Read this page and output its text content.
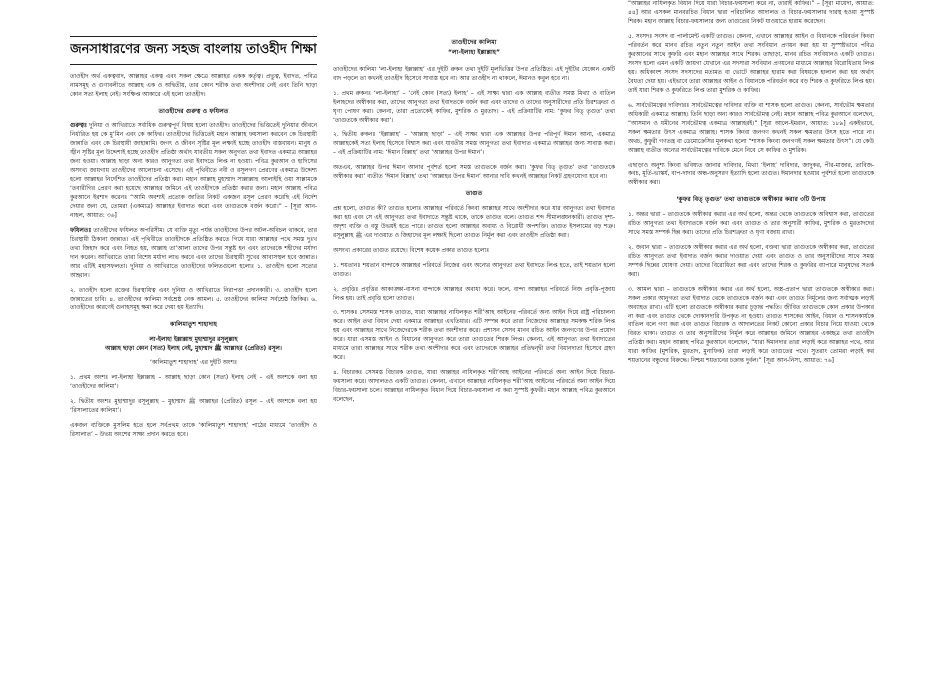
জনসাধারণের জন্য সহজ বাংলায় তাওহীদ শিক্ষা

তাওহীদ অর্থ একত্ববাদ, আল্লাহর একত্ব এবং সকল ক্ষেত্রে আল্লাহর একক কর্তৃত্ব। প্রভুত্ব, ইবাদত, পবিত্র নামসমূহ ও গুণাবলীতে আল্লাহ এক ও অদ্বিতীয়, তার কোন শরীক তথা অংশীদার নেই এবং তিনি ছাড়া কোন সত্য ইলাহ নেই। সংক্ষিপ্ত আকারে এই হলো তাওহীদ।

তাওহীদের গুরুত্ব ও ফযিলত

গুরুত্বঃ দুনিয়া ও আখিরাতে সর্বাধিক গুরুত্বপূর্ণ বিষয় হলো তাওহীদ। তাওহীদের ভিত্তিতেই দুনিয়ার জীবনে নির্ধারিত হয় কে মু’মিন এবং কে কাফির। তাওহীদের ভিত্তিতেই মহান আল্লাহ ফয়সালা করবেন কে চিরস্থায়ী জান্নাতি এবং কে চিরস্থায়ী জাহান্নামি। জগৎ ও জীবন সৃষ্টির মূল লক্ষ্যই হচ্ছে তাওহীদ বাস্তবায়ন। মানুষ ও জ্বীন সৃষ্টির মূল উদ্দেশ্যই হচ্ছে তাওহীদ প্রতিষ্ঠা অর্থাৎ যাবতীয় সকল অনুগত্য তথা ইবাদত একমাত্র আল্লাহর জন্য হওয়া। আল্লাহ ছাড়া অন্য কারও আনুগত্য তথা ইবাদতে লিপ্ত না হওয়া। পবিত্র কুরআন ও হাদিসের অসংখ্য জায়গায় তাওহীদের আলোচনা এসেছে। এই পৃথিবীতে নবী ও রসূলগণ প্রেরণের একমাত্র উদ্দেশ্য হলো আল্লাহর নির্দেশিত তাওহীদের প্রতিষ্ঠা করা। মহান আল্লাহ মুহাম্মাদ সাল্লাল্লাহু আলাইহি ওয়া সাল্লামকে ‘তবারীগির প্রেরণ করা হয়েছে আল্লাহর জমিনে এই তাওহীদকে প্রতিষ্ঠা করার জন্য। মহান আল্লাহ পবিত্র কুরআনে ইরশাদ করেনঃ “আমি অবশ্যই প্রত্যেক জাতির নিকট একজন রসূল প্রেরণ করেছি এই নির্দেশ দেয়ার জন্য যে, তোমরা (একমাত্র) আল্লাহর ইবাদাত করো এবং তাগুতকে বর্জন করো।” – [সূরা আন-নাহল, আয়াত: ৩৬]

ফযিলতঃ তাওহীদের ফযিলত অপরিসীম। যে ব্যক্তি মৃত্যু পর্যন্ত তাওহীদের উপর অটল-অবিচল থাকবে, তার চিরস্থায়ী ঠিকানা জান্নাত। এই পৃথিবীতে তাওহীদকে প্রতিষ্ঠিত করতে গিয়ে যারা আল্লাহর পথে সমস্ত দুঃখ তথা জিহাদ করে এবং নিহত হয়, আল্লাহ তা’আলা তাদের উপর সন্তুষ্ট হন এবং তাদেরকে শহীদের মর্যাদা দান করেন। আখিরাতে তারা বিশেষ মর্যাদা লাভ করবে এবং তাদের চিরস্থায়ী সুখের আবাসস্থল হবে জান্নাত। আর এটিই মহাসফলতা। দুনিয়া ও আখিরাতে তাওহীদের ফলিতগুলো হলোঃ ১. তাওহীদ হলো সত্যের আহ্বান।

২. তাওহীদ হলো রক্তের চিরস্থায়িত্ব এবং দুনিয়া ও আখিরাতে নিরাপত্তা প্রদানকারী। ৩. তাওহীদ হলো জান্নাতের চাবি। ৪. তাওহীদের কালিমা সর্বশ্রেষ্ঠ নেক আমল। ৫. তাওহীদের কালিমা সর্বশ্রেষ্ঠ জিকির। ৬. তাওহীদের কারণেই গুনাহসমূহ ক্ষমা করে দেয়া হয় ইত্যাদি।

কালিমাতুশ শাহাদাহ
লা-ইলাহা ইল্লাল্লাহু মুহাম্মাদুর রসূলুল্লাহ
আল্লাহ ছাড়া কোন (সত্য) ইলাহ নেই, মুহাম্মাদ ﷺ আল্লাহর (প্রেরিত) রসূল।
‘কালিমাতুশ শাহাদাহ’ এর দুইটি অংশঃ

১. প্রথম অংশঃ লা-ইলাহা ইল্লাল্লাহ – আল্লাহ ছাড়া কোন (সত্য) ইলাহ নেই – এই অংশকে বলা হয় ‘তাওহীদের কালিমা’।

২. দ্বিতীয় অংশঃ মুহাম্মাদুর রসূলুল্লাহ – মুহাম্মাদ ﷺ আল্লাহর (প্রেরিত) রসূল – এই অংশকে বলা হয় ‘রিসালাতের কালিমা’।

একজন ব্যক্তিকে মুসলিম হতে হলে সর্বপ্রথম তাকে ‘কালিমাতুশ শাহাদাহ’ পাঠের মাধ্যমে ‘তাওহীদ ও রিসালাত’ – উভয় অংশের সাক্ষ্য প্রদান করতে হবে।

তাওহীদের কালিমা
“লা-ইলাহা ইল্লাল্লাহ”

তাওহীদের কালিমা ‘লা-ইলাহা ইল্লাল্লাহ’ এর দুইটি রুকন তথা দুইটি মূলভিত্তির উপর প্রতিষ্ঠিত। এই দুইটির যেকোন একটি বাদ পড়লে তা কখনই তাওহীদ হিসেবে সাব্যস্ত হবে না। আর তাওহীদ না থাকলে, ঈমানও কবুল হবে না।

১. প্রথম রুকনঃ ‘লা-ইলাহা’ – ‘নেই কোন (সত্য) ইলাহ’ – এই সাক্ষ্য দ্বারা এক আল্লাহ ব্যতীত সমস্ত মিথ্যা ও বাতিল ইলাহদের অস্বীকার করা, তাদের আনুগত্য তথা ইবাদতকে বর্জন করা এবং তাদের ও তাদের অনুসারীদের প্রতি চিরশত্রুতা ও ঘৃণা পোষণ করা। কেননা, তারা প্রত্যেকেই কাফির, মুশরিক ও মুরতাদ। – এই প্রক্রিয়াটির নাম: ‘কুফর বিত্‌ তৃগুত’ তথা ‘তাগুতকে অস্বীকার করা’।

২. দ্বিতীয় রুকনঃ ‘ইল্লাল্লাহ’ – ‘আল্লাহ ছাড়া’ – এই সাক্ষ্য দ্বারা এক আল্লাহর উপর পরিপূর্ণ ঈমান আনা, একমাত্র আল্লাহকেই সত্য ইলাহ হিসেবে বিশ্বাস করা এবং যাবতীয় সমস্ত আনুগত্য তথা ইবাদাত একমাত্র আল্লাহর জন্য সাব্যস্ত করা। – এই প্রক্রিয়াটির নাম: ‘ঈমান বিল্লাহ’ তথা ‘আল্লাহর উপর ঈমান’।

অতএব, আল্লাহর উপর ঈমান আনার পূর্বশর্ত হলো সমস্ত তাগুতকে বর্জন করা। ‘কুফর বিত্‌ তৃগুত’ তথা ‘তাগুতকে অস্বীকার করা’ ব্যতীত ‘ঈমান বিল্লাহ’ তথা ‘আল্লাহর উপর ঈমান’ আনার দাবি কখনই আল্লাহর নিকট গ্রহণযোগ্য হবে না।

তাগুত

প্রশ্ন হলো, তাগুত কী? তাগুত হলোঃ আল্লাহর পরিবর্তে কিংবা আল্লাহর সাথে অংশীদার করে যার আনুগত্য তথা ইবাদাত করা হয় এবং সে এই আনুগত্য তথা ইবাদাতে সন্তুষ্ট থাকে, তাকে তাগুত বলে। তাগুত শব্দ সীমালঙ্ঘনকারী। তাগুত দৃশ্য-অদৃশ্য ব্যক্তি ও বস্তু উভয়ই হতে পারে। তাগুত হলো আল্লাহর অবাধ্য ও বিরোধী অপশক্তি। তাগুত ইসলামের বড় শত্রু। রসূলুল্লাহ ﷺ এর দাওয়াত ও জিহাদের মূল লক্ষ্যই ছিলো তাগুত নির্মূল করা এবং তাওহীদ প্রতিষ্ঠা করা।

অসংখ্য প্রকারের তাগুত রয়েছে। বিশেষ কয়েক প্রকার তাগুত হলোঃ

১. শয়তানঃ শয়তান বান্দাকে আল্লাহর পরিবর্তে নিজের এবং অন্যের আনুগত্য তথা ইবাদতে লিপ্ত হতে, তাই শয়তান হলো তাগুত।

২. প্রবৃত্তিঃ প্রবৃত্তির আকাঙ্ক্ষা-বাসনা বান্দাকে আল্লাহর অবাধ্য করে। ফলে, বান্দা আল্লাহর পরিবর্তে নিজ প্রবৃত্তি-পূজায় লিপ্ত হয়। তাই প্রবৃত্তি হলো তাগুত।

৩. শাসকঃ সেসমস্ত শাসক তাগুত, যারা আল্লাহর নাযিলকৃত শরী’আহ আইনের পরিবর্তে অন্য আইন দিয়ে রাষ্ট্র পরিচালনা করে। আইন তথা বিধান দেয়া একমাত্র আল্লাহর এখতিয়ার। এটি সম্পন্ন করে তারা নিজেদের আল্লাহর সমকক্ষ শরিক লিপ্ত হয় এবং আল্লাহর সাথে নিজেদেরকে শরীক তথা অংশীদার করে। প্রশাসন সেসব মানব রচিত আইন জনগণের উপর প্রয়োগ করে। যারা এসমস্ত আইন ও বিধানের আনুগত্য করে তারা তাগুতের শিরক লিপ্ত। কেননা, এই আনুগত্য তথা ইবাদাতের মাধ্যমে তারা আল্লাহর সাথে শরীক তথা অংশীদার করে এবং তাদেরকে আল্লাহর প্রতিদ্বন্দ্বী তথা বিধানদাতা হিসেবে গ্রহণ করে।

৪. বিচারকঃ সেসমস্ত বিচারক তাগুত, যারা আল্লাহর নাযিলকৃত শরী’আহ আইনের পরিবর্তে অন্য আইন দিয়ে বিচার-ফয়সালা করে। আদালতও একটি তাগুত। কেননা, এখানে আল্লাহর নাযিলকৃত শরী’আহ আইনের পরিবর্তে অন্য আইন দিয়ে বিচার-ফয়সালা চলে। আল্লাহর নাযিলকৃত বিধান দিয়ে বিচার-ফয়সালা না করা সুস্পষ্ট কুফরী। মহান আল্লাহ পবিত্র কুরআনে বলেছেন,

“আল্লাহর নাযিলকৃত বিধান দিয়ে যারা বিচার-ফয়সালা করে না, তারাই কাফির।” – [সূরা মায়েদা, আয়াত: ৪৪] আর এসকল মানবরচিত বিধান দ্বারা পরিচালিত আদালত ও বিচার-ফয়সালার দারস্থ হওয়া সুস্পষ্ট শিরক। মহান আল্লাহ বিচার-ফয়সালার জন্য তাগুতের নিকট যাওয়াতে হারাম করেছেন।

৫. সংসদঃ সংসদ বা পার্লামেন্ট একটি তাগুত। কেননা, এখানে আল্লাহর আইন ও বিধানকে পরিবর্তন কিংবা পরিবর্তন করে মানব রচিত নতুন নতুন আইন তথা সংবিধান প্রণয়ন করা হয় যা সুস্পষ্টভাবে পবিত্র কুরআনের সাথে কুফরি এবং মহান আল্লাহর সাথে শিরক। তাছাড়া, মানব রচিত সংবিধানও একটি তাগুত। সংসদ হলো এমন একটি জায়গা যেখানে এর সদস্যরা সংবিধান প্রণয়নের মাধ্যমে আল্লাহর বিরোধিতায় লিপ্ত হয়। অধিকাংশ সংসদ সদস্যদের মতামত বা ভোটে আল্লাহর হারাম করা বিষয়কে হালাল করা হয় অর্থাৎ বৈধতা দেয়া হয়। এইভাবে তারা আল্লাহর আইন ও বিধানকে পরিবর্তন করে বড় শিরক ও কুফরিতে লিপ্ত হয়। তাই যারা শিরক ও কুফরিতে লিপ্ত তারা মুশরিক ও কাফির।

৬. সার্বভৌমত্বের দাবিদারঃ সার্বভৌমত্বের দাবিদার ব্যক্তি বা শাসক হলো তাগুত। কেননা, সার্বভৌম ক্ষমতার অধিকারী একমাত্র আল্লাহ। তিনি ছাড়া অন্য কারও সার্বভৌমত্ব নেই। মহান আল্লাহ পবিত্র কুরআনে বলেছেন, “আসমান ও যমীনের সার্বভৌমত্ব একমাত্র আল্লাহরই।” [সূরা আলে-ইমরান, আয়াত: ১৮৯] একইভাবে, সকল ক্ষমতার উৎস একমাত্র আল্লাহ। শাসক কিংবা জনগণ কখনই সকল ক্ষমতার উৎস হতে পারে না। অথচ, কুফুরী গণতন্ত্র বা ডেমোক্রেসির মূলকথা হলো “শাসক কিংবা জনগণই সকল ক্ষমতার উৎস”। যে কেউ আল্লাহ ব্যতীত অন্যের সার্বভৌমত্বের দাবিকে মেনে নিবে সে কাফির ও মুশরিক।

এছাড়াও অনুশ্য কিংবা ভবিষ্যত জানার দাবিদার, মিথ্যা ‘ইলাহ’ দাবিদার, জাদুকর, পীর-মাজার, তাবিজ-কবচ, মূর্তি-ভাস্কর্য, বাপ-দাদার অন্ধ-অনুসরণ ইত্যাদি হলো তাগুত। ঈমানদার হওয়ার পূর্বশর্ত হলো তাগুতকে অস্বীকার করা।

‘কুফর বিত্‌ তৃগুত’ তথা তাগুতকে অস্বীকার করার ৩টি উপায়

১. অন্তর দ্বারা – তাগুতকে অস্বীকার করার এর অর্থ হলো, অন্তর থেকে তাগুতকে অবিশ্বাস করা, তাগুতের রচিত আনুগত্য তথা ইবাদাতকে বর্জন করা এবং তাগুত ও তার অনুসারী কাফির, মুশরিক ও মুরতাদদের সাথে সমস্ত সম্পর্ক ছিন্ন করা। তাদের প্রতি চিরশত্রুতা ও ঘৃণা বজায় রাখা।

২. জবান দ্বারা – তাগুতকে অস্বীকার করার এর অর্থ হলো, বক্তব্য দ্বারা তাগুতকে অস্বীকার করা, তাগুতের রচিত আনুগত্য তথা ইবাদাত বর্জন করার দাওয়াত দেয়া এবং তাগুত ও তার অনুসারীদের সাথে সমস্ত সম্পর্ক ছিন্নের ঘোষণা দেয়া। তাদের বিরোধিতা করা এবং তাদের শিরক ও কুফরির ব্যাপারে মানুষদের সতর্ক করা।

৩. আমল দ্বারা – তাগুতকে অস্বীকার করার এর অর্থ হলো, অস্ত্র-প্রতাপ দ্বারা তাগুতকে অস্বীকার করা। সকল প্রকার আনুগত্য তথা ইবাদাত থেকে তাগুতকে বর্জন করা এবং তাগুত নির্মূলের জন্য সর্বাত্মক লড়াই অব্যাহত রাখা। এটি হলো তাগুতকে অস্বীকার করার চূড়ান্ত পদ্ধতি। জীবিত তাগুতকে কোন প্রকার উপকার না করা এবং তাগুত থেকে দোকানদারি উপকৃত না হওয়া। তাগুত শাসকের আইন, বিধান ও শাসনকার্যকে বাতিল বলে গণ্য করা এবং তাগুত বিচারক ও আদালতের নিকট কোনো প্রকার বিচার নিয়ে যাওয়া থেকে বিরত থাকা। তাগুত ও তার অনুসারীদের নির্মূল করে আল্লাহর জমিনে আল্লাহর একচ্ছত্র তথা তাওহীদ প্রতিষ্ঠা করা। মহান আল্লাহ পবিত্র কুরআনে বলেছেন, “যারা ঈমানদার তারা লড়াই করে আল্লাহর পথে, আর যারা কাফির (মুশরিক, মুরতাদ, মুনাফিক) তারা লড়াই করে তাগুতের পথে। সুতরাং তোমরা লড়াই কর শয়তানের বন্ধুদের বিরুদ্ধে। নিশ্চয় শয়তানের চক্রান্ত দুর্বল।” [সূরা আন-নিসা, আয়াত: ৭৬]
